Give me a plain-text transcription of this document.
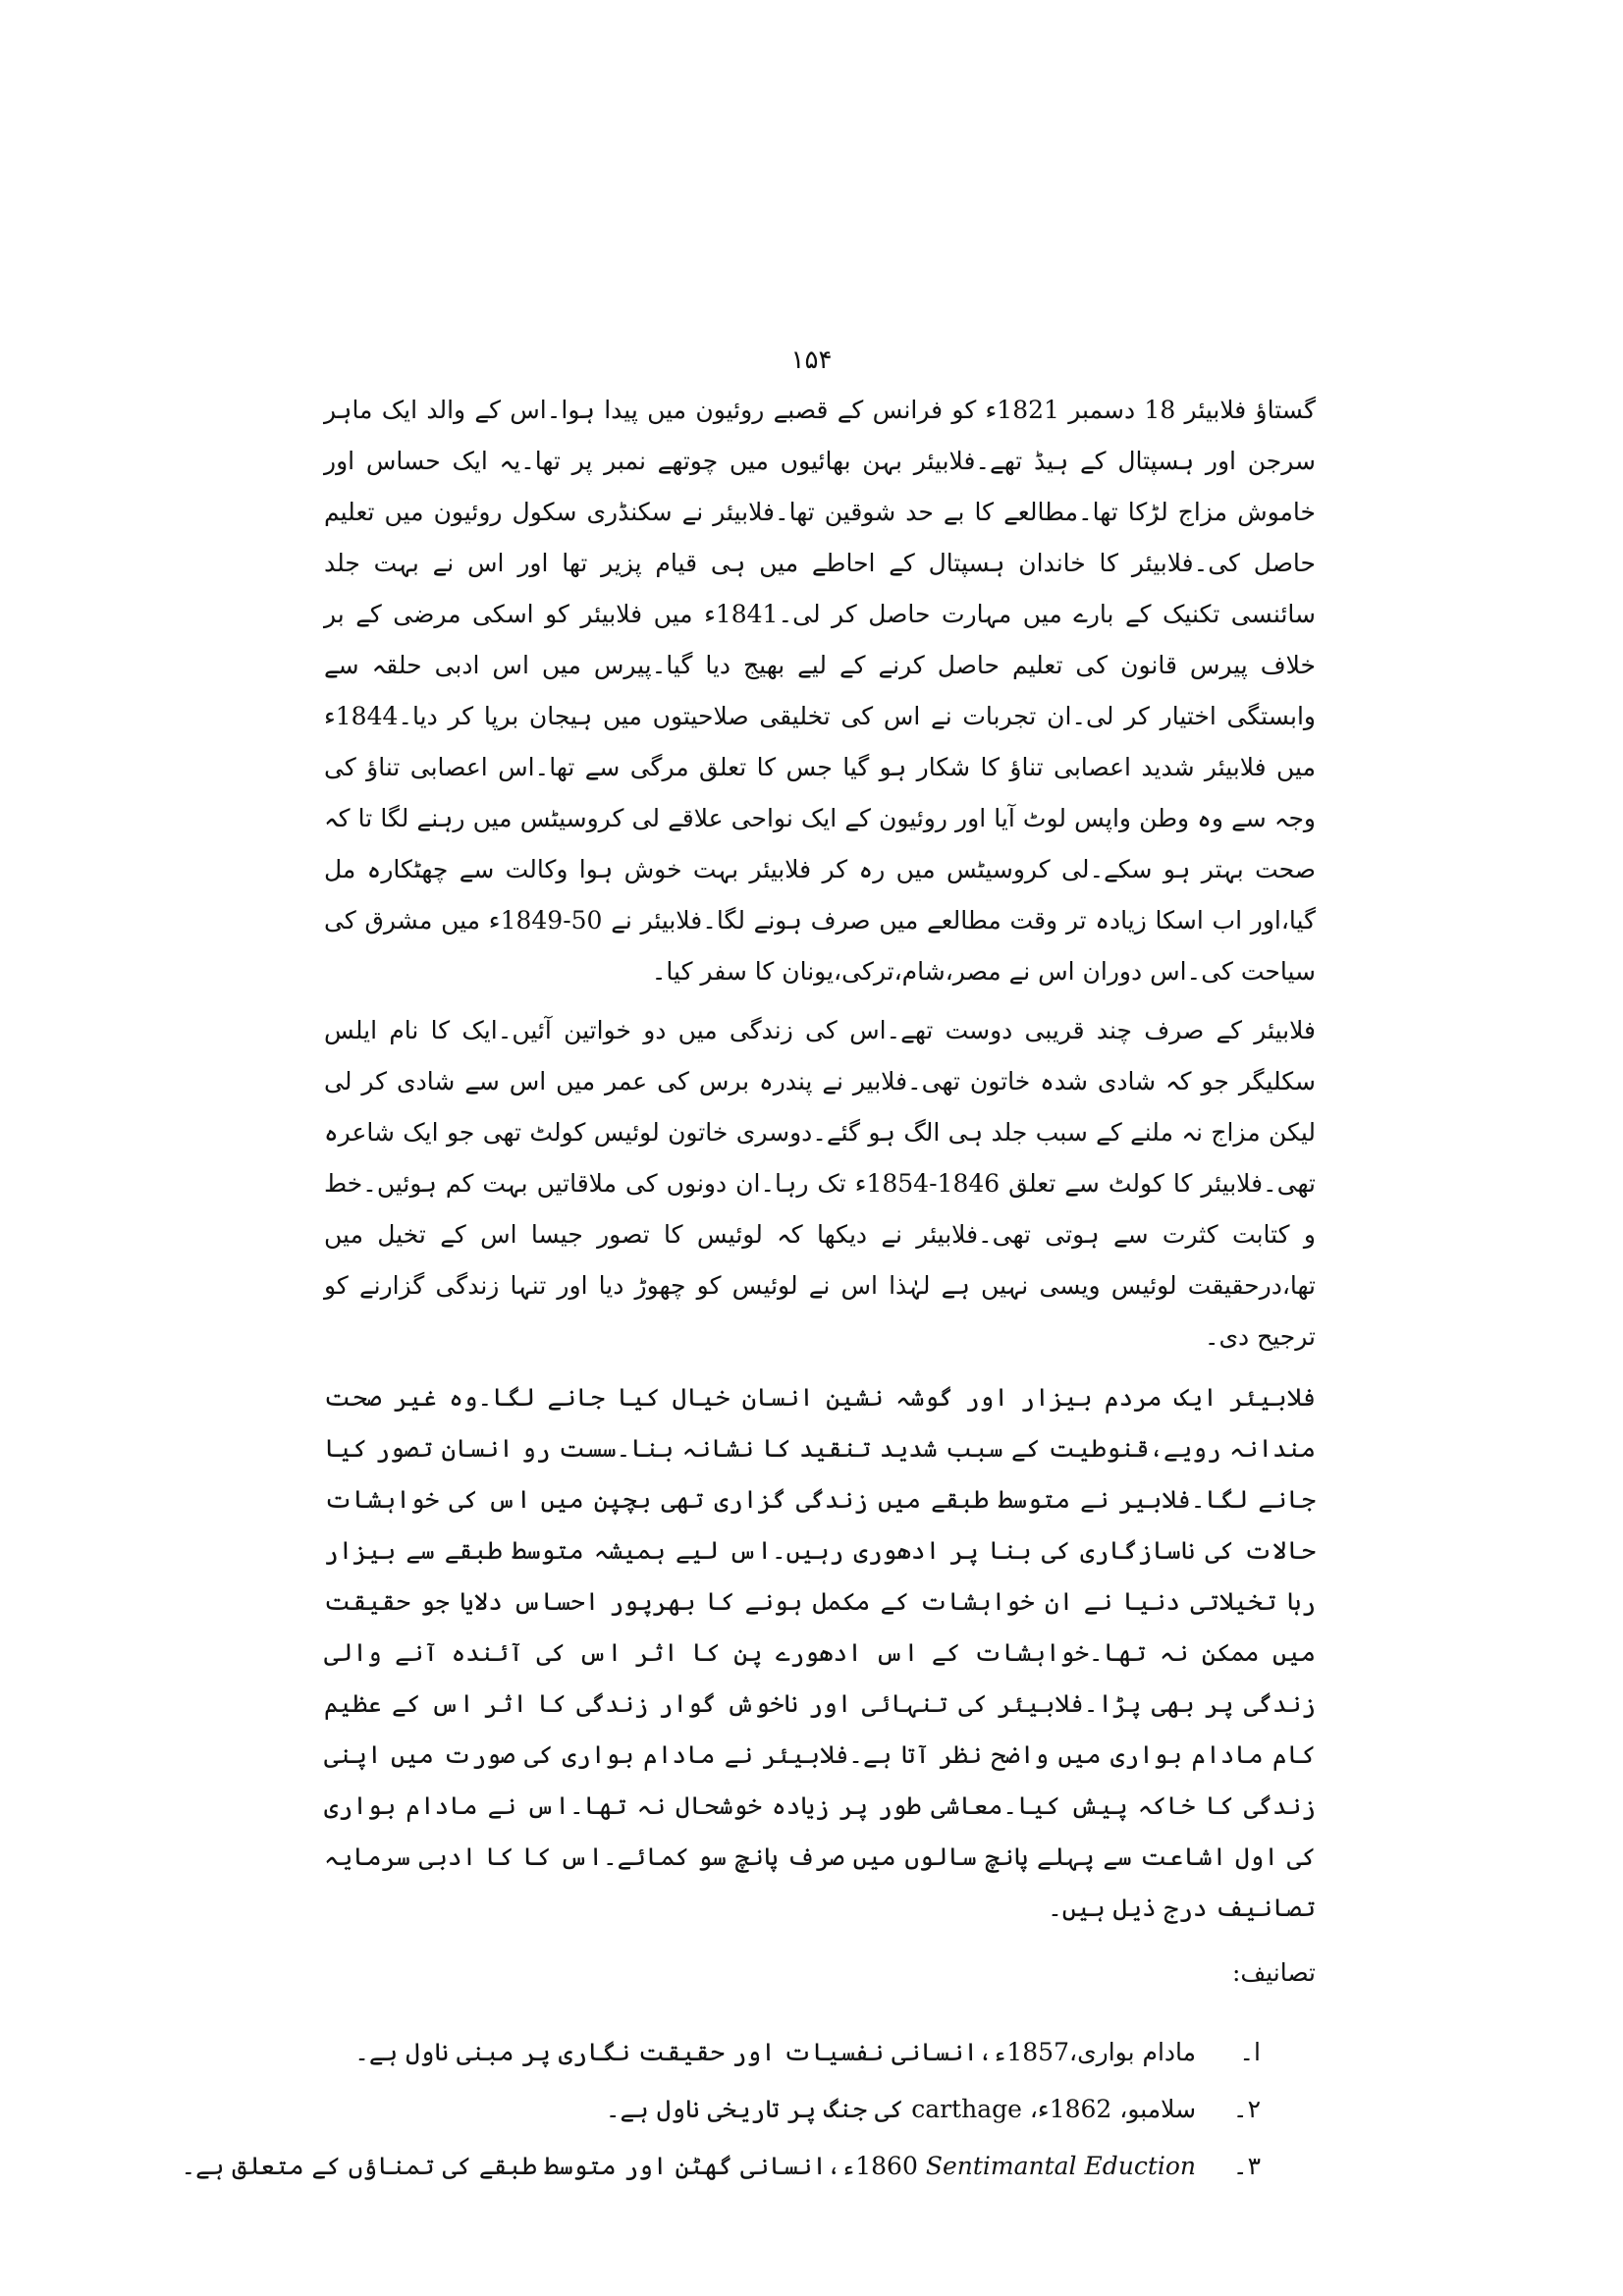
۱۵۴

گستاؤ فلابیئر 18 دسمبر 1821ء کو فرانس کے قصبے روئیون میں پیدا ہوا۔اس کے والد ایک ماہر سرجن اور ہسپتال کے ہیڈ تھے۔فلابیئر بہن بھائیوں میں چوتھے نمبر پر تھا۔یہ ایک حساس اور خاموش مزاج لڑکا تھا۔مطالعے کا بے حد شوقین تھا۔فلابیئر نے سکنڈری سکول روئیون میں تعلیم حاصل کی۔فلابیئر کا خاندان ہسپتال کے احاطے میں ہی قیام پزیر تھا اور اس نے بہت جلد سائنسی تکنیک کے بارے میں مہارت حاصل کر لی۔1841ء میں فلابیئر کو اسکی مرضی کے بر خلاف پیرس قانون کی تعلیم حاصل کرنے کے لیے بھیج دیا گیا۔پیرس میں اس ادبی حلقہ سے وابستگی اختیار کر لی۔ان تجربات نے اس کی تخلیقی صلاحیتوں میں ہیجان برپا کر دیا۔1844ء میں فلابیئر شدید اعصابی تناؤ کا شکار ہو گیا جس کا تعلق مرگی سے تھا۔اس اعصابی تناؤ کی وجہ سے وہ وطن واپس لوٹ آیا اور روئیون کے ایک نواحی علاقے لی کروسیٹس میں رہنے لگا تا کہ صحت بہتر ہو سکے۔لی کروسیٹس میں رہ کر فلابیئر بہت خوش ہوا وکالت سے چھٹکارہ مل گیا،اور اب اسکا زیادہ تر وقت مطالعے میں صرف ہونے لگا۔فلابیئر نے 50-1849ء میں مشرق کی سیاحت کی۔اس دوران اس نے مصر،شام،ترکی،یونان کا سفر کیا۔

فلابیئر کے صرف چند قریبی دوست تھے۔اس کی زندگی میں دو خواتین آئیں۔ایک کا نام ایلس سکلیگر جو کہ شادی شدہ خاتون تھی۔فلابیر نے پندرہ برس کی عمر میں اس سے شادی کر لی لیکن مزاج نہ ملنے کے سبب جلد ہی الگ ہو گئے۔دوسری خاتون لوئیس کولٹ تھی جو ایک شاعرہ تھی۔فلابیئر کا کولٹ سے تعلق 1846-1854ء تک رہا۔ان دونوں کی ملاقاتیں بہت کم ہوئیں۔خط و کتابت کثرت سے ہوتی تھی۔فلابیئر نے دیکھا کہ لوئیس کا تصور جیسا اس کے تخیل میں تھا،درحقیقت لوئیس ویسی نہیں ہے لہٰذا اس نے لوئیس کو چھوڑ دیا اور تنہا زندگی گزارنے کو ترجیح دی۔

فلابیئر ایک مردم بیزار اور گوشہ نشین انسان خیال کیا جانے لگا۔وہ غیر صحت مندانہ رویے،قنوطیت کے سبب شدید تنقید کا نشانہ بنا۔سست رو انسان تصور کیا جانے لگا۔فلابیر نے متوسط طبقے میں زندگی گزاری تھی بچپن میں اس کی خواہشات حالات کی ناسازگاری کی بنا پر ادھوری رہیں۔اس لیے ہمیشہ متوسط طبقے سے بیزار رہا تخیلاتی دنیا نے ان خواہشات کے مکمل ہونے کا بھرپور احساس دلایا جو حقیقت میں ممکن نہ تھا۔خواہشات کے اس ادھورے پن کا اثر اس کی آئندہ آنے والی زندگی پر بھی پڑا۔فلابیئر کی تنہائی اور ناخوش گوار زندگی کا اثر اس کے عظیم کام مادام بواری میں واضح نظر آتا ہے۔فلابیئر نے مادام بواری کی صورت میں اپنی زندگی کا خاکہ پیش کیا۔معاشی طور پر زیادہ خوشحال نہ تھا۔اس نے مادام بواری کی اول اشاعت سے پہلے پانچ سالوں میں صرف پانچ سو کمائے۔اس کا کا ادبی سرمایہ تصانیف درج ذیل ہیں۔

تصانیف:
ا۔ مادام بواری،1857ء،انسانی نفسیات اور حقیقت نگاری پر مبنی ناول ہے۔
۲۔ سلامبو، 1862ء، carthage کی جنگ پر تاریخی ناول ہے۔
۳۔ Sentimantal Eduction 1860ء،انسانی گھٹن اور متوسط طبقے کی تمناؤں کے متعلق ہے۔
